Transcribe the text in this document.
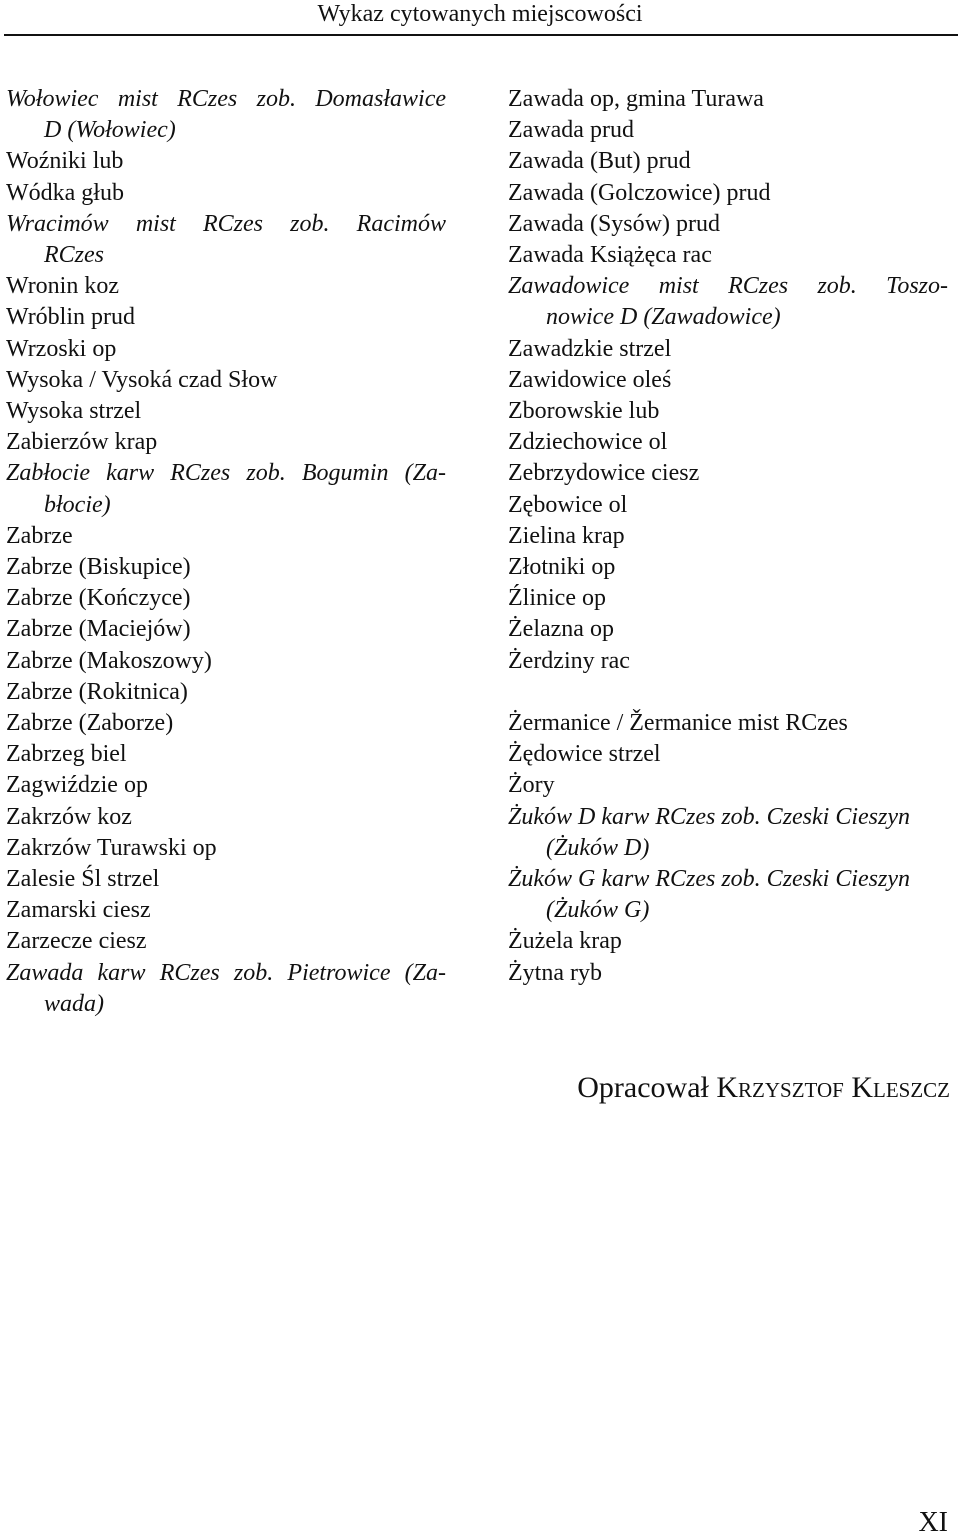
Wykaz cytowanych miejscowości
Wołowiec mist RCzes zob. Domasławice
D (Wołowiec)
Woźniki lub
Wódka głub
Wracimów mist RCzes zob. Racimów
RCzes
Wronin koz
Wróblin prud
Wrzoski op
Wysoka / Vysoká czad Słow
Wysoka strzel
Zabierzów krap
Zabłocie karw RCzes zob. Bogumin (Za-
błocie)
Zabrze
Zabrze (Biskupice)
Zabrze (Kończyce)
Zabrze (Maciejów)
Zabrze (Makoszowy)
Zabrze (Rokitnica)
Zabrze (Zaborze)
Zabrzeg biel
Zagwiździe op
Zakrzów koz
Zakrzów Turawski op
Zalesie Śl strzel
Zamarski ciesz
Zarzecze ciesz
Zawada karw RCzes zob. Pietrowice (Za-
wada)
Zawada op, gmina Turawa
Zawada prud
Zawada (But) prud
Zawada (Golczowice) prud
Zawada (Sysów) prud
Zawada Książęca rac
Zawadowice mist RCzes zob. Toszo-
nowice D (Zawadowice)
Zawadzkie strzel
Zawidowice oleś
Zborowskie lub
Zdziechowice ol
Zebrzydowice ciesz
Zębowice ol
Zielina krap
Złotniki op
Źlinice op
Żelazna op
Żerdziny rac
Żermanice / Žermanice mist RCzes
Żędowice strzel
Żory
Żuków D karw RCzes zob. Czeski Cieszyn
(Żuków D)
Żuków G karw RCzes zob. Czeski Cieszyn
(Żuków G)
Żużela krap
Żytna ryb
Opracował Krzysztof Kleszcz
XI
